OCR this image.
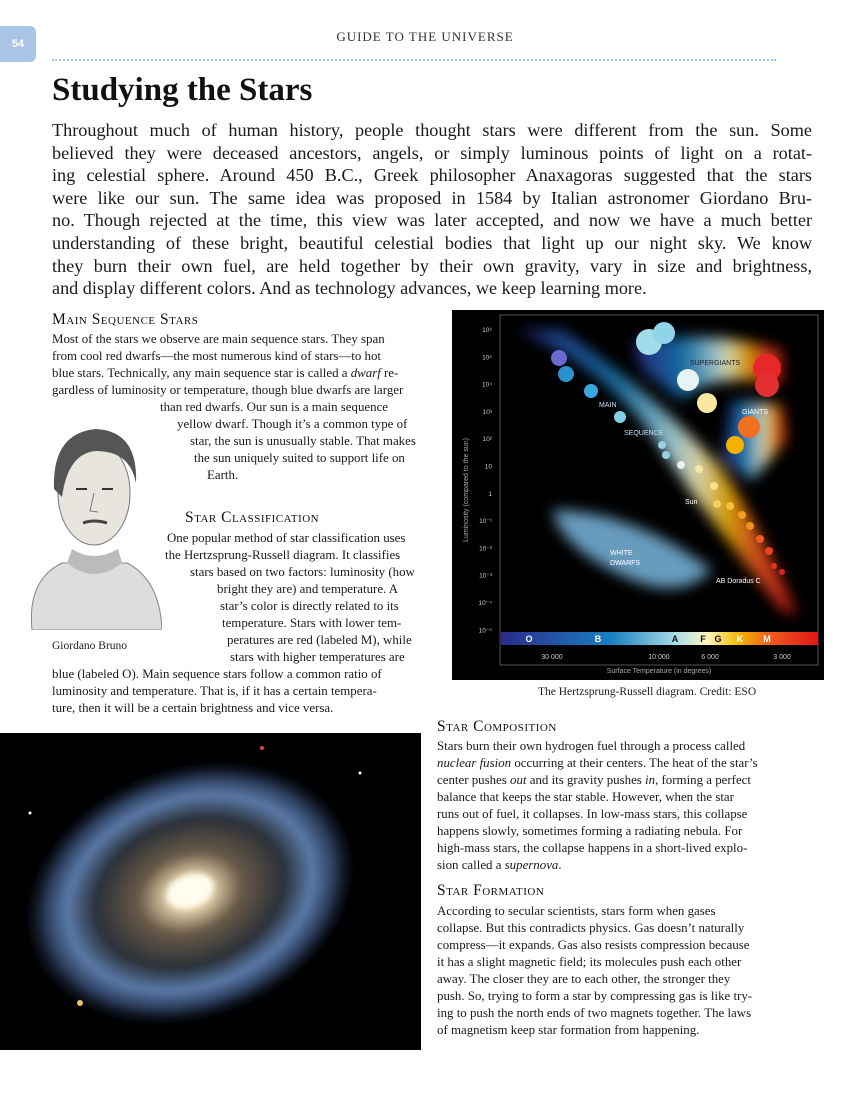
54	GUIDE TO THE UNIVERSE
Studying the Stars
Throughout much of human history, people thought stars were different from the sun. Some
believed they were deceased ancestors, angels, or simply luminous points of light on a rotat-
ing celestial sphere. Around 450 B.C., Greek philosopher Anaxagoras suggested that the stars
were like our sun. The same idea was proposed in 1584 by Italian astronomer Giordano Bru-
no. Though rejected at the time, this view was later accepted, and now we have a much better
understanding of these bright, beautiful celestial bodies that light up our night sky. We know
they burn their own fuel, are held together by their own gravity, vary in size and brightness,
and display different colors. And as technology advances, we keep learning more.
Main Sequence Stars
Most of the stars we observe are main sequence stars. They span
from cool red dwarfs—the most numerous kind of stars—to hot
blue stars. Technically, any main sequence star is called a dwarf re-
gardless of luminosity or temperature, though blue dwarfs are larger
than red dwarfs. Our sun is a main sequence
yellow dwarf. Though it’s a common type of
star, the sun is unusually stable. That makes
the sun uniquely suited to support life on
Earth.
Star Classification
One popular method of star classification uses
the Hertzsprung-Russell diagram. It classifies
stars based on two factors: luminosity (how
bright they are) and temperature. A
star’s color is directly related to its
temperature. Stars with lower tem-
peratures are red (labeled M), while
stars with higher temperatures are
blue (labeled O). Main sequence stars follow a common ratio of
luminosity and temperature. That is, if it has a certain tempera-
ture, then it will be a certain brightness and vice versa.
Giordano Bruno
SUPERGIANTS
GIANTS
MAIN
SEQUENCE
WHITE
DWARFS
Sun
AB Doradus C
10⁶
10⁵
10⁴
10³
10²
10
1
10⁻¹
10⁻²
10⁻³
10⁻⁴
10⁻⁵
Luminosity (compared to the sun)
O	B	A F G K M
30 000	10 000	6 000	3 000
Surface Temperature (in degrees)
The Hertzsprung-Russell diagram. Credit: ESO
Star Composition
Stars burn their own hydrogen fuel through a process called
nuclear fusion occurring at their centers. The heat of the star’s
center pushes out and its gravity pushes in, forming a perfect
balance that keeps the star stable. However, when the star
runs out of fuel, it collapses. In low-mass stars, this collapse
happens slowly, sometimes forming a radiating nebula. For
high-mass stars, the collapse happens in a short-lived explo-
sion called a supernova.
Star Formation
According to secular scientists, stars form when gases
collapse. But this contradicts physics. Gas doesn’t naturally
compress—it expands. Gas also resists compression because
it has a slight magnetic field; its molecules push each other
away. The closer they are to each other, the stronger they
push. So, trying to form a star by compressing gas is like try-
ing to push the north ends of two magnets together. The laws
of magnetism keep star formation from happening.
